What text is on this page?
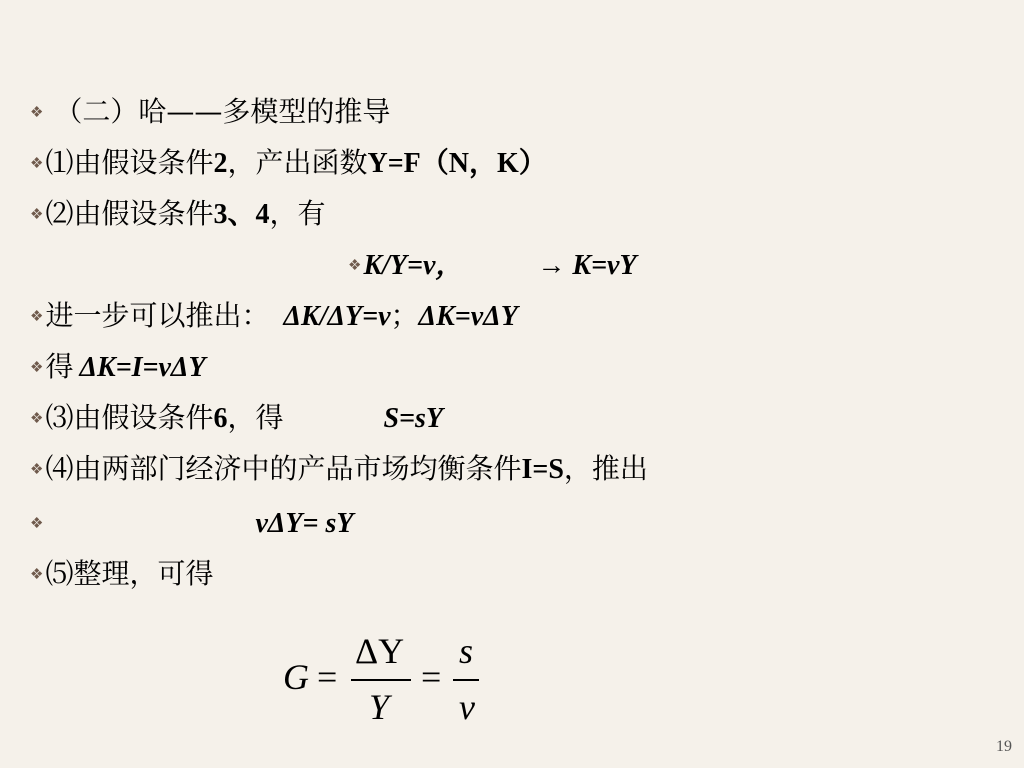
❖ （二）哈——多模型的推导
❖⑴由假设条件2，产出函数Y=F（N，K）
❖⑵由假设条件3、4，有
❖K/Y=v，	→ K=vY
❖进一步可以推出： ΔK/ΔY=v；ΔK=vΔY
❖得 ΔK=I=vΔY
❖⑶由假设条件6，得	S=sY
❖⑷由两部门经济中的产品市场均衡条件I=S，推出
❖	vΔY= sY
❖⑸整理，可得
G =
ΔY
Y
=
s
v
19
